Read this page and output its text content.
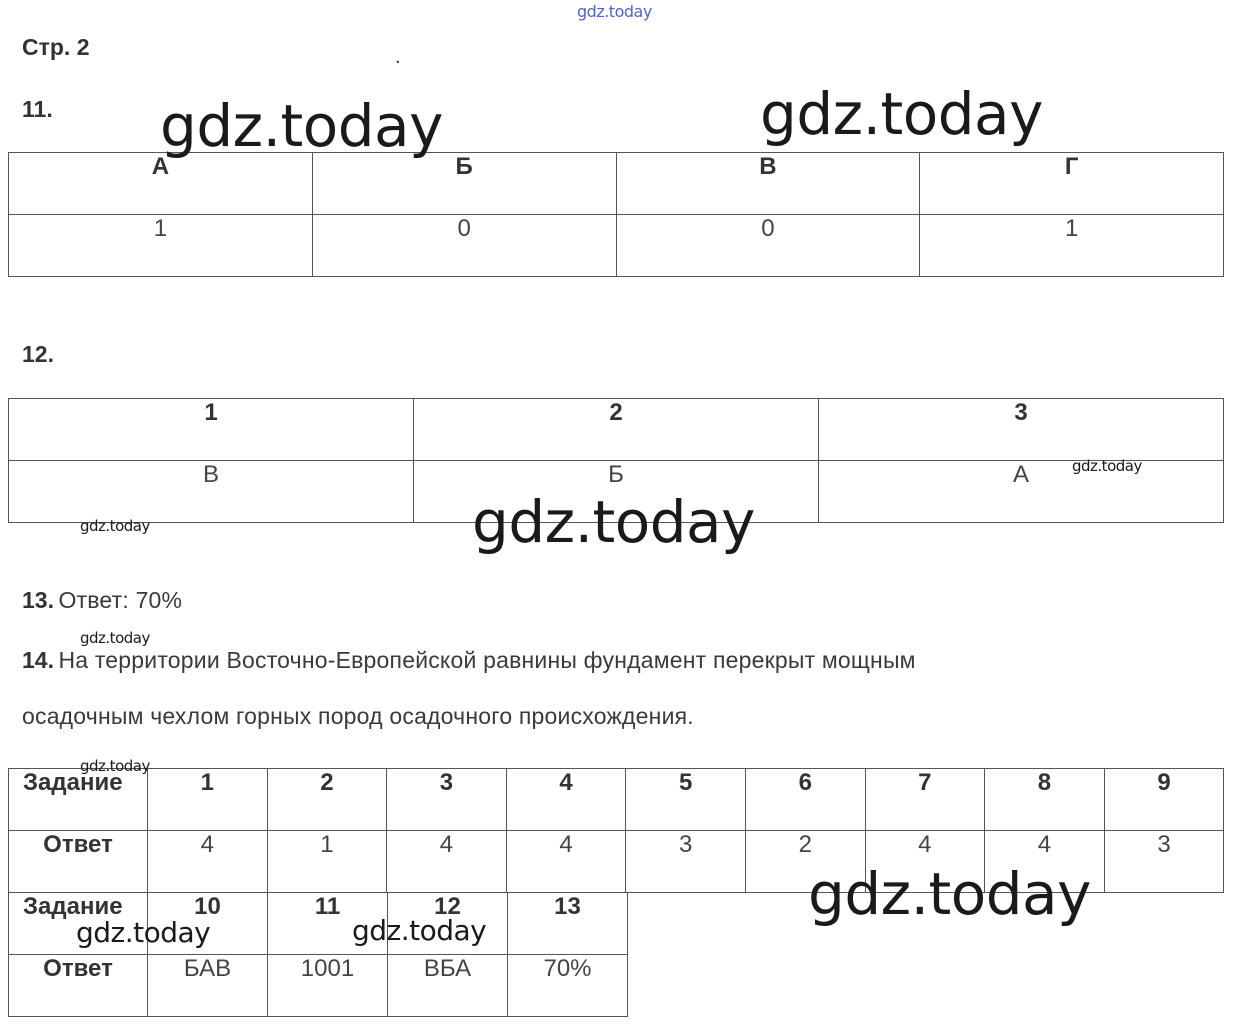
gdz.today
Стр. 2	.
11.
А	Б	В	Г
1	0	0	1
12.
1	2	3
В	Б	А
13. Ответ: 70%
14. На территории Восточно-Европейской равнины фундамент перекрыт мощным
осадочным чехлом горных пород осадочного происхождения.
Задание	1	2	3	4	5	6	7	8	9
Ответ	4	1	4	4	3	2	4	4	3
Задание	10	11	12	13
Ответ	БАВ	1001	ВБА	70%
gdz.today	gdz.today
gdz.today
gdz.today
gdz.today	gdz.today
gdz.today
gdz.today
gdz.today
gdz.today
